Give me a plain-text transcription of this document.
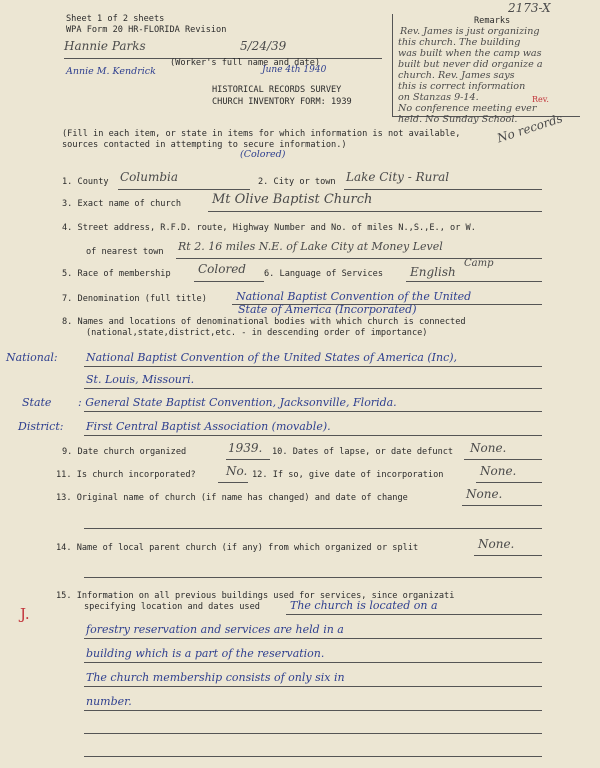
Sheet 1 of 2 sheets
WPA Form 20 HR-FLORIDA Revision
2173-X
Hannie Parks	5/24/39
(Worker's full name and date)
Annie M. Kendrick	June 4th 1940
HISTORICAL RECORDS SURVEY
CHURCH INVENTORY FORM: 1939
Remarks
Rev. James is just organizing
this church. The building
was built when the camp was
built but never did organize a
church. Rev. James says
this is correct information
on Stanzas 9-14.
No conference meeting ever
held. No Sunday School.
Rev.
No records
(Fill in each item, or state in items for which information is not available,
sources contacted in attempting to secure information.)
(Colored)
1. County Columbia	2. City or town Lake City - Rural
3. Exact name of church Mt Olive Baptist Church
4. Street address, R.F.D. route, Highway Number and No. of miles N.,S.,E., or W.
of nearest town Rt 2. 16 miles N.E. of Lake City at Money Level
Camp
5. Race of membership Colored 6. Language of Services English
7. Denomination (full title)	National Baptist Convention of the United
State of America (Incorporated)
8. Names and locations of denominational bodies with which church is connected
(national,state,district,etc. - in descending order of importance)
National:	National Baptist Convention of the United States of America (Inc),
St. Louis, Missouri.
State : General State Baptist Convention, Jacksonville, Florida.
District: First Central Baptist Association (movable).
9. Date church organized	1939. 10. Dates of lapse, or date defunct None.
11. Is church incorporated?	No. 12. If so, give date of incorporation	None.
13. Original name of church (if name has changed) and date of change	None.
14. Name of local parent church (if any) from which organized or split	None.
15. Information on all previous buildings used for services, since organizati
specifying location and dates used
J.	The church is located on a
forestry reservation and services are held in a
building which is a part of the reservation.
The church membership consists of only six in
number.
